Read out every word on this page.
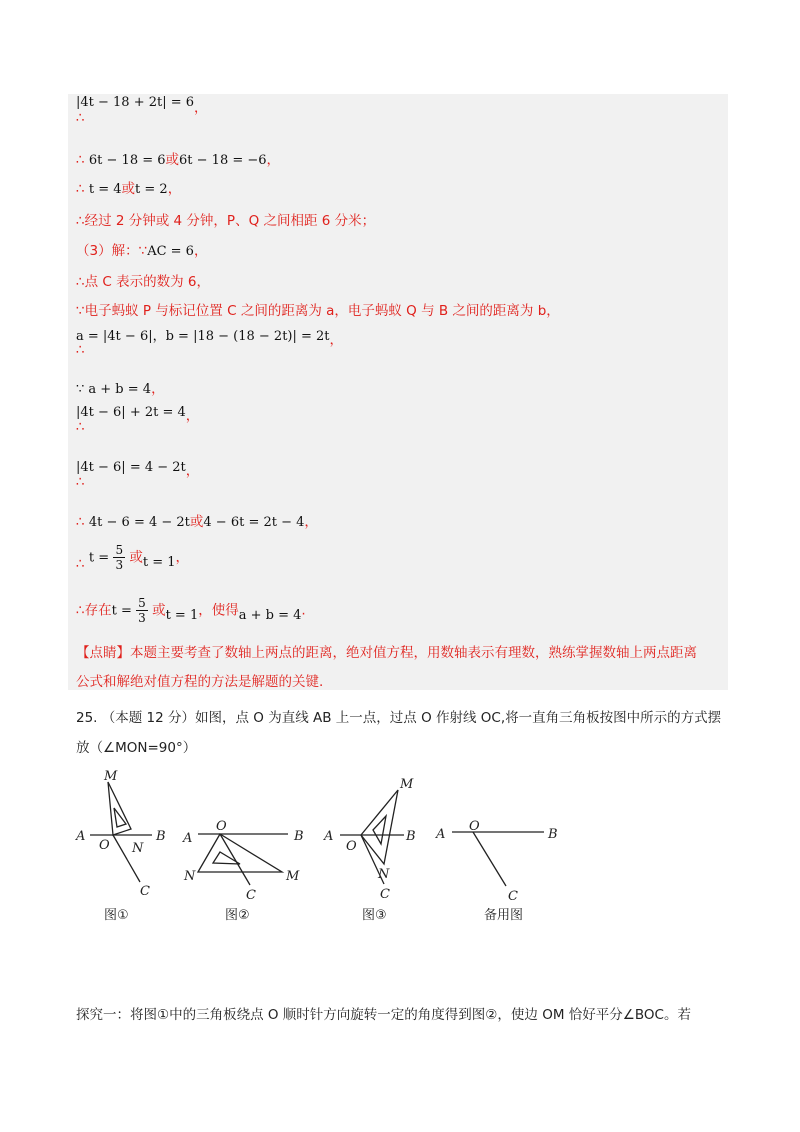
|4t − 18 + 2t| = 6，
∴
∴ 6t − 18 = 6或6t − 18 = −6，
∴ t = 4或t = 2，
∴经过 2 分钟或 4 分钟，P、Q 之间相距 6 分米；
（3）解：∵AC = 6，
∴点 C 表示的数为 6，
∵电子蚂蚁 P 与标记位置 C 之间的距离为 a，电子蚂蚁 Q 与 B 之间的距离为 b，
a = |4t − 6|，b = |18 − (18 − 2t)| = 2t，
∴
∵ a + b = 4，
|4t − 6| + 2t = 4，
∴
|4t − 6| = 4 − 2t，
∴
∴ 4t − 6 = 4 − 2t或4 − 6t = 2t − 4，
∴ $t = \frac{5}{3}$ 或t = 1，
∴存在$t = \frac{5}{3}$ 或t = 1，使得a + b = 4.
【点睛】本题主要考查了数轴上两点的距离，绝对值方程，用数轴表示有理数，熟练掌握数轴上两点距离
公式和解绝对值方程的方法是解题的关键.
25. （本题 12 分）如图，点 O 为直线 AB 上一点，过点 O 作射线 OC,将一直角三角板按图中所示的方式摆
放（∠MON=90°）
M
A
O N
B
C
O
A	B
N	M
C
M
A
O
B
N
C
A
O
B
C
图①	图②	图③	备用图
探究一：将图①中的三角板绕点 O 顺时针方向旋转一定的角度得到图②，使边 OM 恰好平分∠BOC。若
